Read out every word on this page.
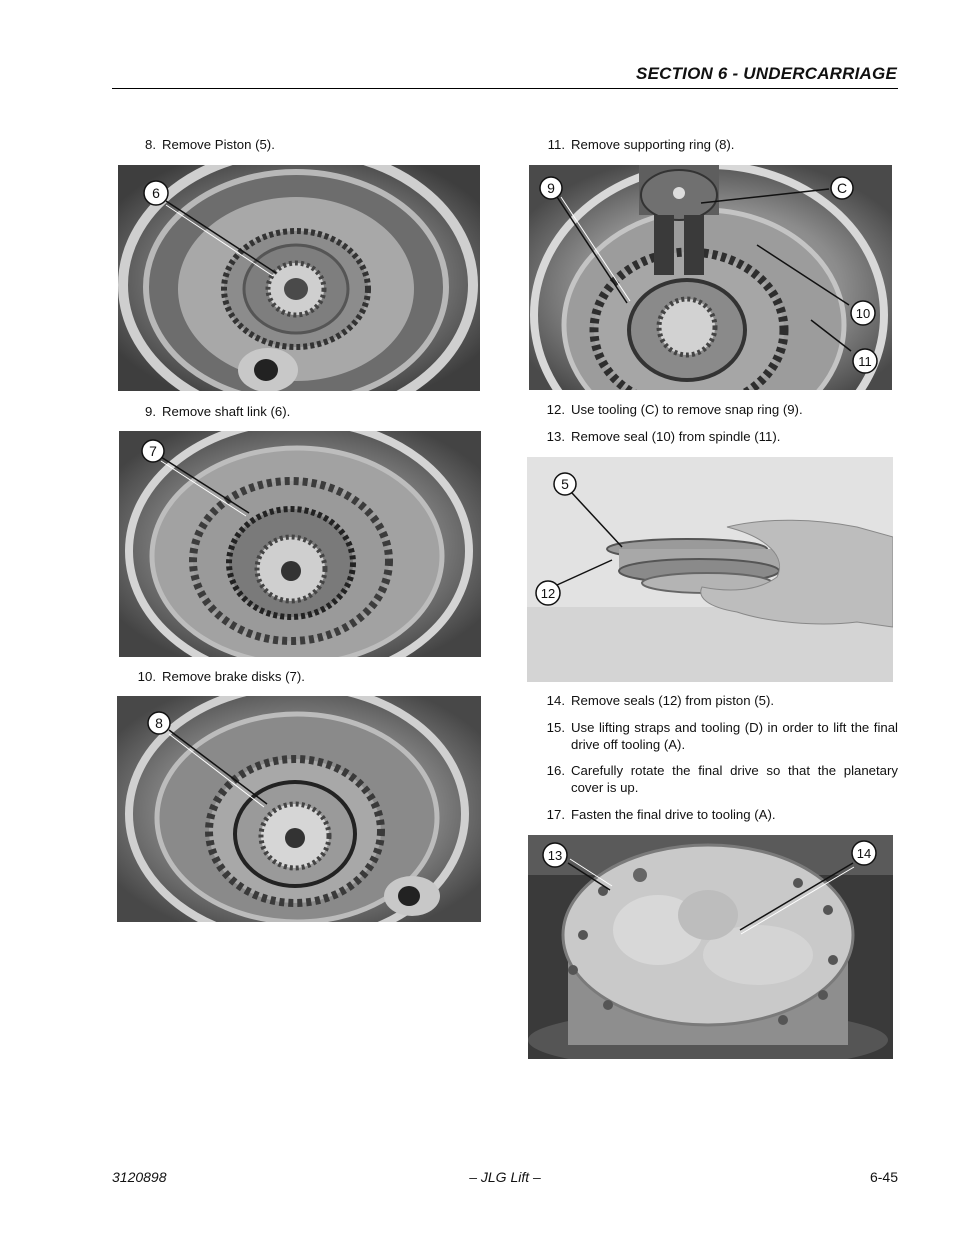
SECTION 6 - UNDERCARRIAGE
8. Remove Piston (5).
6
9. Remove shaft link (6).
7
10. Remove brake disks (7).
8
11. Remove supporting ring (8).
9	C
10
11
12. Use tooling (C) to remove snap ring (9).
13. Remove seal (10) from spindle (11).
5
12
14. Remove seals (12) from piston (5).
15. Use lifting straps and tooling (D) in order to lift the final drive off tooling (A).
16. Carefully rotate the final drive so that the planetary cover is up.
17. Fasten the final drive to tooling (A).
13	14
3120898	– JLG Lift –	6-45
